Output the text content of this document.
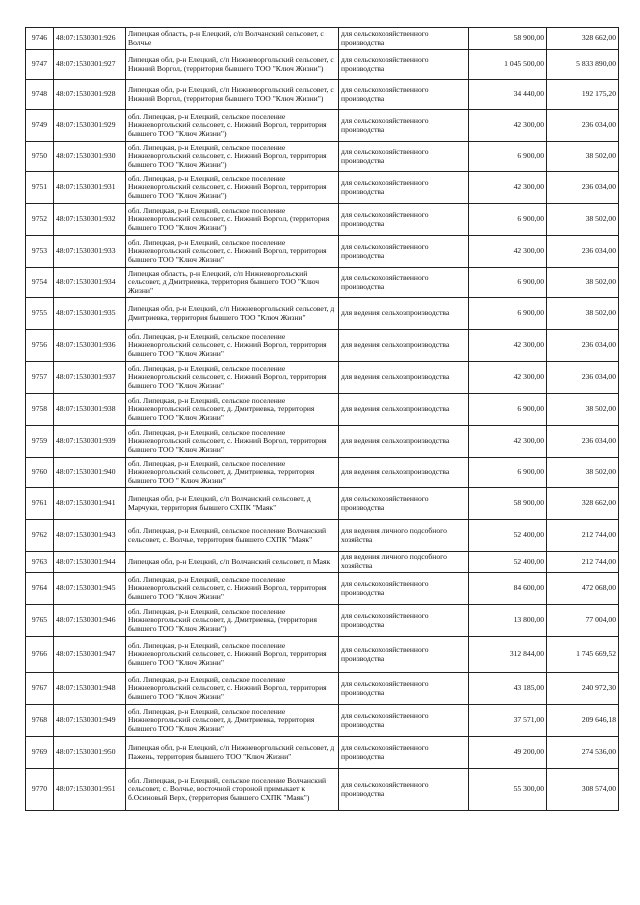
9746	48:07:1530301:926	Липецкая область, р-н Елецкий, с/п Волчанский сельсовет, с Волчье	для сельскохозяйственного производства	58 900,00	328 662,00
9747	48:07:1530301:927	Липецкая обл, р-н Елецкий, с/п Нижневоргольский сельсовет, с Нижний Воргол, (территория бывшего ТОО "Ключ Жизни")	для сельскохозяйственного производства	1 045 500,00	5 833 890,00
9748	48:07:1530301:928	Липецкая обл, р-н Елецкий, с/п Нижневоргольский сельсовет, с Нижний Воргол, (территория бывшего ТОО "Ключ Жизни")	для сельскохозяйственного производства	34 440,00	192 175,20
9749	48:07:1530301:929	обл. Липецкая, р-н Елецкий, сельское поселение Нижневоргольский сельсовет, с. Нижний Воргол, территория бывшего ТОО "Ключ Жизни")	для сельскохозяйственного производства	42 300,00	236 034,00
9750	48:07:1530301:930	обл. Липецкая, р-н Елецкий, сельское поселение Нижневоргольский сельсовет, с. Нижний Воргол, территория бывшего ТОО "Ключ Жизни")	для сельскохозяйственного производства	6 900,00	38 502,00
9751	48:07:1530301:931	обл. Липецкая, р-н Елецкий, сельское поселение Нижневоргольский сельсовет, с. Нижний Воргол, территория бывшего ТОО "Ключ Жизни")	для сельскохозяйственного производства	42 300,00	236 034,00
9752	48:07:1530301:932	обл. Липецкая, р-н Елецкий, сельское поселение Нижневоргольский сельсовет, с. Нижний Воргол, (территория бывшего ТОО "Ключ Жизни")	для сельскохозяйственного производства	6 900,00	38 502,00
9753	48:07:1530301:933	обл. Липецкая, р-н Елецкий, сельское поселение Нижневоргольский сельсовет, с. Нижний Воргол, территория бывшего ТОО "Ключ Жизни"	для сельскохозяйственного производства	42 300,00	236 034,00
9754	48:07:1530301:934	Липецкая область, р-н Елецкий, с/п Нижневоргольский сельсовет, д Дмитриевка, территория бывшего ТОО "Ключ Жизни"	для сельскохозяйственного производства	6 900,00	38 502,00
9755	48:07:1530301:935	Липецкая обл, р-н Елецкий, с/п Нижневоргольский сельсовет, д Дмитриевка, территория бывшего ТОО "Ключ Жизни"	для ведения сельхозпроизводства	6 900,00	38 502,00
9756	48:07:1530301:936	обл. Липецкая, р-н Елецкий, сельское поселение Нижневоргольский сельсовет, с. Нижний Воргол, территория бывшего ТОО "Ключ Жизни"	для ведения сельхозпроизводства	42 300,00	236 034,00
9757	48:07:1530301:937	обл. Липецкая, р-н Елецкий, сельское поселение Нижневоргольский сельсовет, с. Нижний Воргол, территория бывшего ТОО "Ключ Жизни"	для ведения сельхозпроизводства	42 300,00	236 034,00
9758	48:07:1530301:938	обл. Липецкая, р-н Елецкий, сельское поселение Нижневоргольский сельсовет, д. Дмитриевка, территория бывшего ТОО "Ключ Жизни"	для ведения сельхозпроизводства	6 900,00	38 502,00
9759	48:07:1530301:939	обл. Липецкая, р-н Елецкий, сельское поселение Нижневоргольский сельсовет, с. Нижний Воргол, территория бывшего ТОО "Ключ Жизни"	для ведения сельхозпроизводства	42 300,00	236 034,00
9760	48:07:1530301:940	обл. Липецкая, р-н Елецкий, сельское поселение Нижневоргольский сельсовет, д. Дмитриевка, территория бывшего ТОО " Ключ Жизни"	для ведения сельхозпроизводства	6 900,00	38 502,00
9761	48:07:1530301:941	Липецкая обл, р-н Елецкий, с/п Волчанский сельсовет, д Марчуки, территория бывшего СХПК "Маяк"	для сельскохозяйственного производства	58 900,00	328 662,00
9762	48:07:1530301:943	обл. Липецкая, р-н Елецкий, сельское поселение Волчанский сельсовет, с. Волчье, территория бывшего СХПК "Маяк"	для ведения личного подсобного хозяйства	52 400,00	212 744,00
9763	48:07:1530301:944	Липецкая обл, р-н Елецкий, с/п Волчанский сельсовет, п Маяк	для ведения личного подсобного хозяйства	52 400,00	212 744,00
9764	48:07:1530301:945	обл. Липецкая, р-н Елецкий, сельское поселение Нижневоргольский сельсовет, с. Нижний Воргол, территория бывшего ТОО "Ключ Жизни"	для сельскохозяйственного производства	84 600,00	472 068,00
9765	48:07:1530301:946	обл. Липецкая, р-н Елецкий, сельское поселение Нижневоргольский сельсовет, д. Дмитриевка, (территория бывшего ТОО "Ключ Жизни")	для сельскохозяйственного производства	13 800,00	77 004,00
9766	48:07:1530301:947	обл. Липецкая, р-н Елецкий, сельское поселение Нижневоргольский сельсовет, с. Нижний Воргол, территория бывшего ТОО "Ключ Жизни"	для сельскохозяйственного производства	312 844,00	1 745 669,52
9767	48:07:1530301:948	обл. Липецкая, р-н Елецкий, сельское поселение Нижневоргольский сельсовет, с. Нижний Воргол, территория бывшего ТОО "Ключ Жизни"	для сельскохозяйственного производства	43 185,00	240 972,30
9768	48:07:1530301:949	обл. Липецкая, р-н Елецкий, сельское поселение Нижневоргольский сельсовет, д. Дмитриевка, территория бывшего ТОО "Ключ Жизни"	для сельскохозяйственного производства	37 571,00	209 646,18
9769	48:07:1530301:950	Липецкая обл, р-н Елецкий, с/п Нижневоргольский сельсовет, д Пажень, территория бывшего ТОО "Ключ Жизни"	для сельскохозяйственного производства	49 200,00	274 536,00
9770	48:07:1530301:951	обл. Липецкая, р-н Елецкий, сельское поселение Волчанский сельсовет, с. Волчье, восточной стороной примыкает к б.Осиновый Верх, (территория бывшего СХПК "Маяк")	для сельскохозяйственного производства	55 300,00	308 574,00
